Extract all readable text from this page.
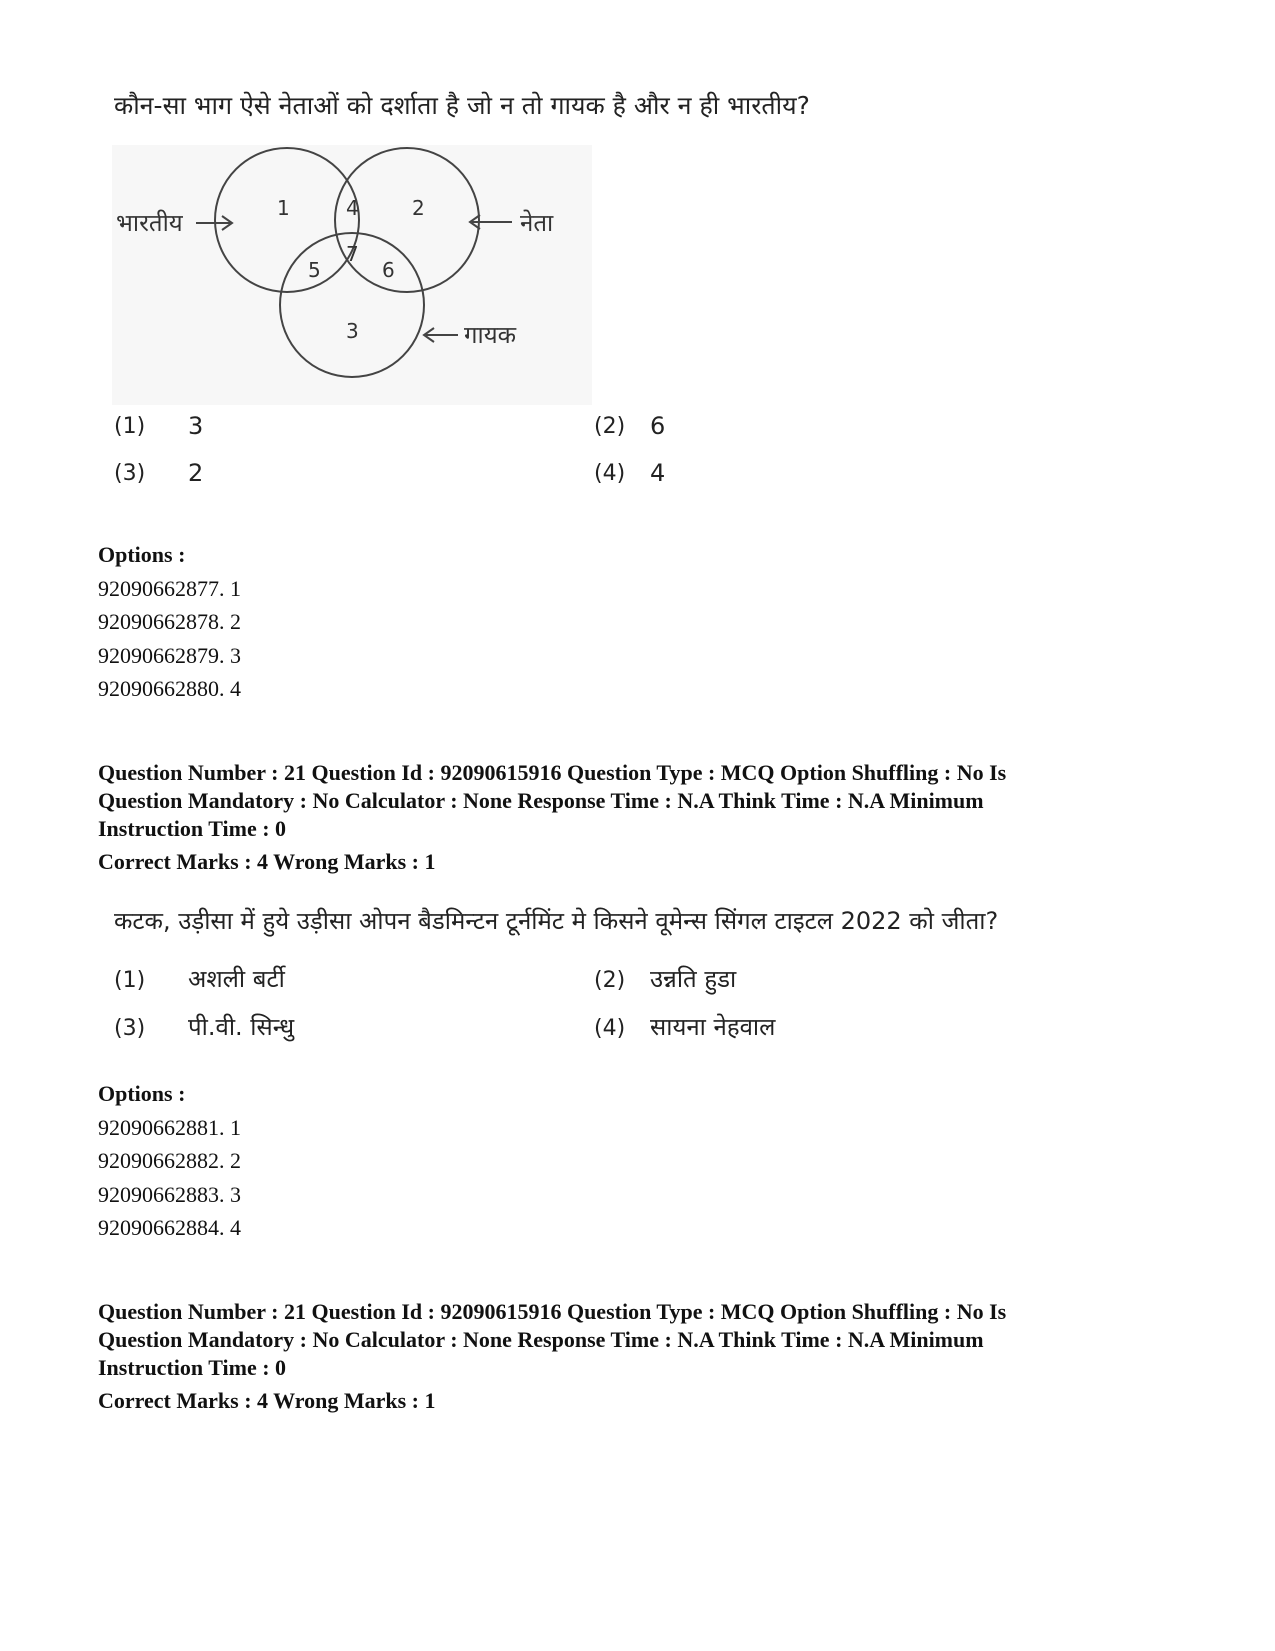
कौन-सा भाग ऐसे नेताओं को दर्शाता है जो न तो गायक है और न ही भारतीय?
भारतीय	नेता
गायक
1	4	2
7
5	6
3
(1) 3	(2) 6
(3) 2	(4) 4
Options :
92090662877. 1
92090662878. 2
92090662879. 3
92090662880. 4
Question Number : 21 Question Id : 92090615916 Question Type : MCQ Option Shuffling : No Is
Question Mandatory : No Calculator : None Response Time : N.A Think Time : N.A Minimum
Instruction Time : 0
Correct Marks : 4 Wrong Marks : 1
कटक, उड़ीसा में हुये उड़ीसा ओपन बैडमिन्टन टूर्नमिंट मे किसने वूमेन्स सिंगल टाइटल 2022 को जीता?
(1) अशली बर्टी	(2) उन्नति हुडा
(3) पी.वी. सिन्धु	(4) सायना नेहवाल
Options :
92090662881. 1
92090662882. 2
92090662883. 3
92090662884. 4
Question Number : 21 Question Id : 92090615916 Question Type : MCQ Option Shuffling : No Is
Question Mandatory : No Calculator : None Response Time : N.A Think Time : N.A Minimum
Instruction Time : 0
Correct Marks : 4 Wrong Marks : 1
